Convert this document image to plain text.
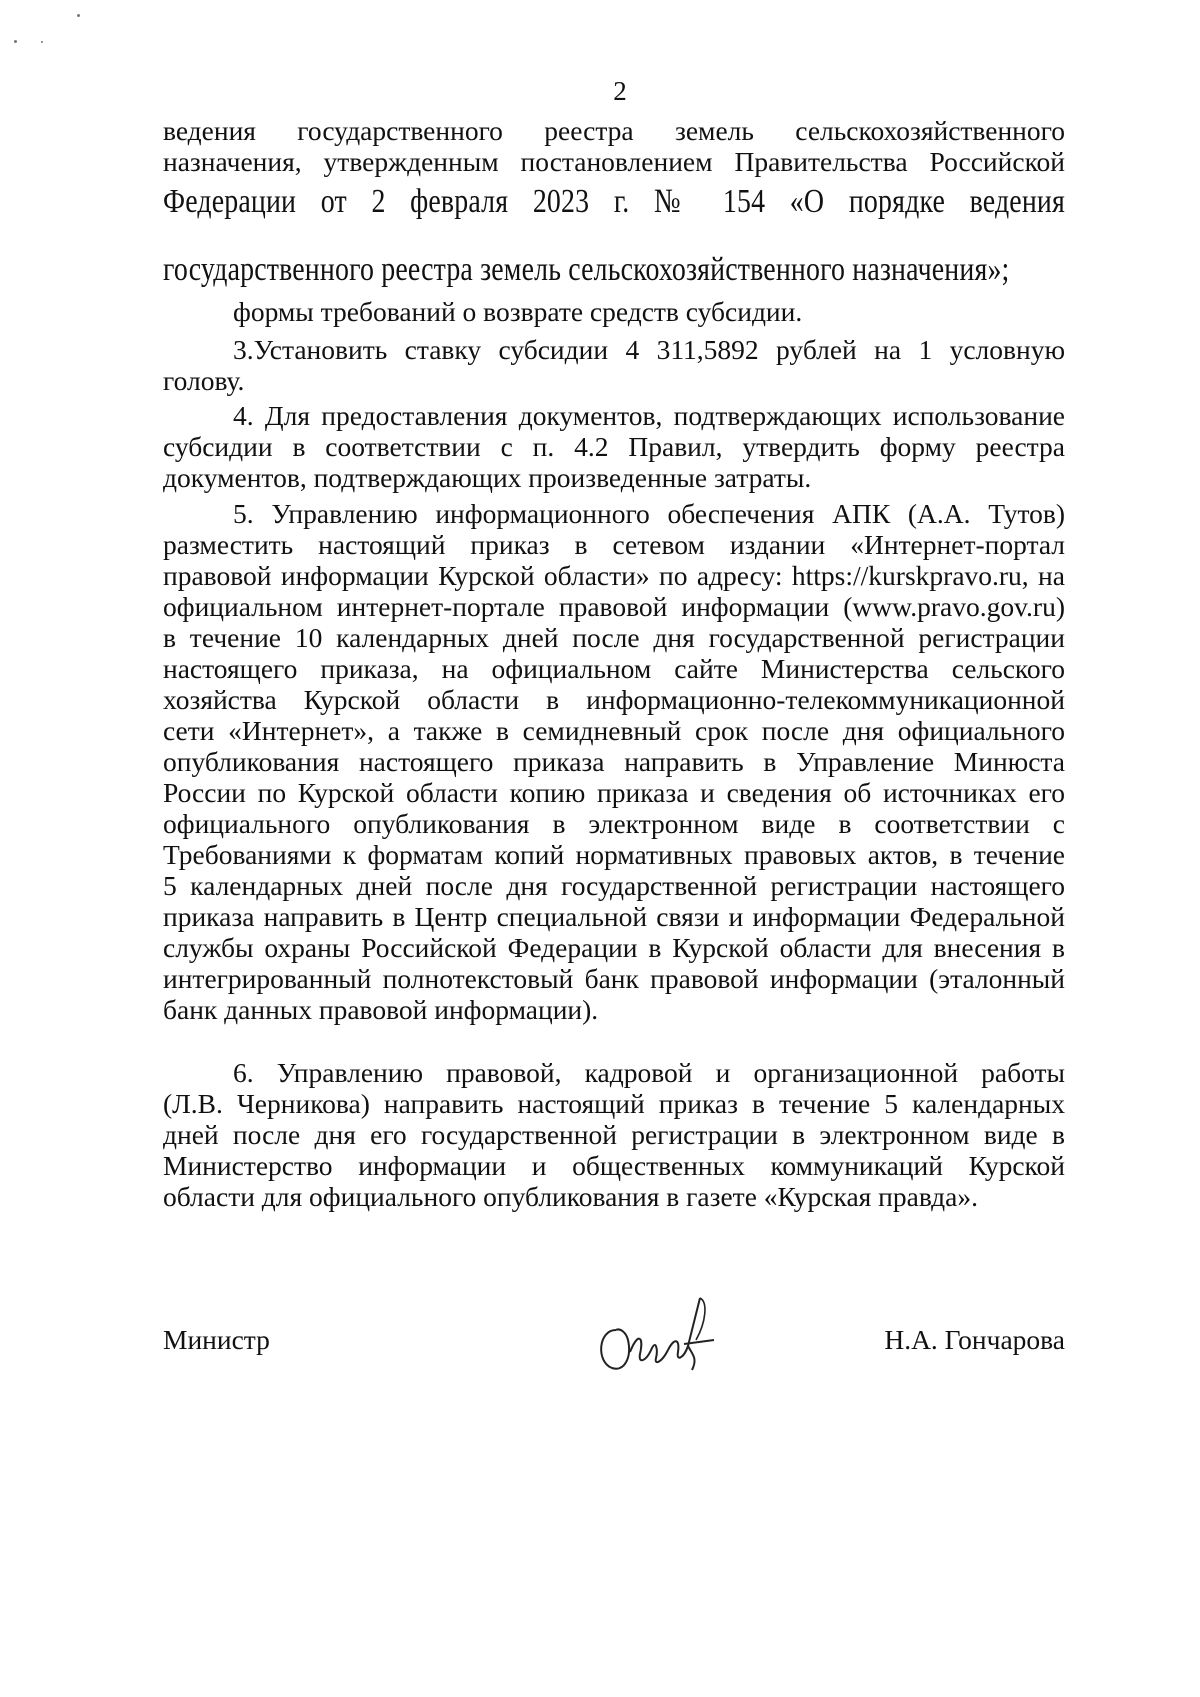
2

ведения государственного реестра земель сельскохозяйственного

назначения, утвержденным постановлением Правительства Российской

Федерации от 2 февраля 2023 г. № 154 «О порядке ведения

государственного реестра земель сельскохозяйственного назначения»;

формы требований о возврате средств субсидии.

3.Установить ставку субсидии 4 311,5892 рублей на 1 условную

голову.

4. Для предоставления документов, подтверждающих использование

субсидии в соответствии с п. 4.2 Правил, утвердить форму реестра

документов, подтверждающих произведенные затраты.

5. Управлению информационного обеспечения АПК (А.А. Тутов)

разместить настоящий приказ в сетевом издании «Интернет-портал

правовой информации Курской области» по адресу: https://kurskpravo.ru, на

официальном интернет-портале правовой информации (www.pravo.gov.ru)

в течение 10 календарных дней после дня государственной регистрации

настоящего приказа, на официальном сайте Министерства сельского

хозяйства Курской области в информационно-телекоммуникационной

сети «Интернет», а также в семидневный срок после дня официального

опубликования настоящего приказа направить в Управление Минюста

России по Курской области копию приказа и сведения об источниках его

официального опубликования в электронном виде в соответствии с

Требованиями к форматам копий нормативных правовых актов, в течение

5 календарных дней после дня государственной регистрации настоящего

приказа направить в Центр специальной связи и информации Федеральной

службы охраны Российской Федерации в Курской области для внесения в

интегрированный полнотекстовый банк правовой информации (эталонный

банк данных правовой информации).

6. Управлению правовой, кадровой и организационной работы

(Л.В. Черникова) направить настоящий приказ в течение 5 календарных

дней после дня его государственной регистрации в электронном виде в

Министерство информации и общественных коммуникаций Курской

области для официального опубликования в газете «Курская правда».

Министр	Н.А. Гончарова
